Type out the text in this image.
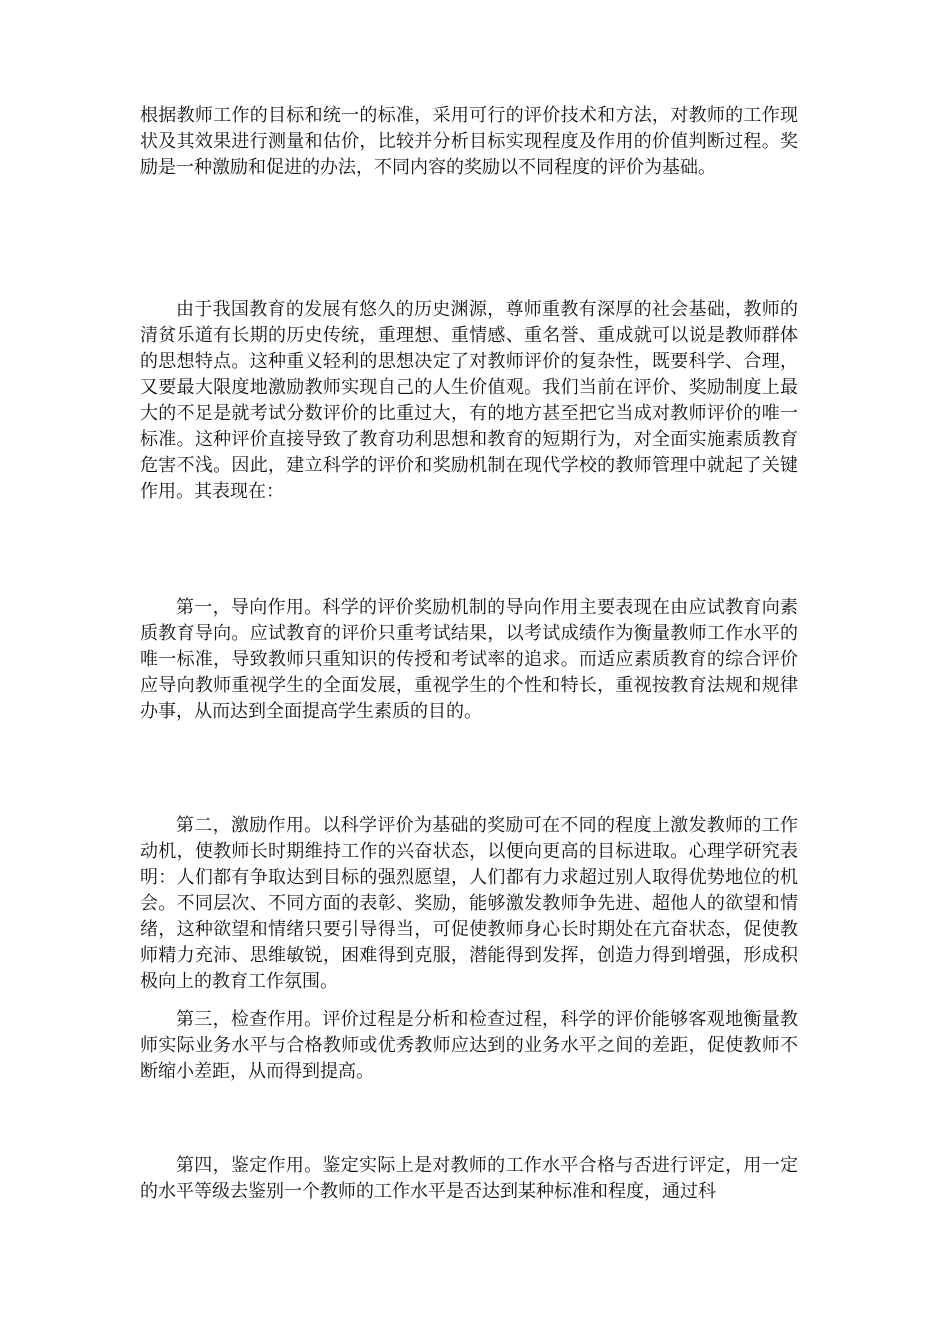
根据教师工作的目标和统一的标准，采用可行的评价技术和方法，对教师的工作现状及其效果进行测量和估价，比较并分析目标实现程度及作用的价值判断过程。奖励是一种激励和促进的办法，不同内容的奖励以不同程度的评价为基础。

由于我国教育的发展有悠久的历史渊源，尊师重教有深厚的社会基础，教师的清贫乐道有长期的历史传统，重理想、重情感、重名誉、重成就可以说是教师群体的思想特点。这种重义轻利的思想决定了对教师评价的复杂性，既要科学、合理，又要最大限度地激励教师实现自己的人生价值观。我们当前在评价、奖励制度上最大的不足是就考试分数评价的比重过大，有的地方甚至把它当成对教师评价的唯一标准。这种评价直接导致了教育功利思想和教育的短期行为，对全面实施素质教育危害不浅。因此，建立科学的评价和奖励机制在现代学校的教师管理中就起了关键作用。其表现在：

第一，导向作用。科学的评价奖励机制的导向作用主要表现在由应试教育向素质教育导向。应试教育的评价只重考试结果，以考试成绩作为衡量教师工作水平的唯一标准，导致教师只重知识的传授和考试率的追求。而适应素质教育的综合评价应导向教师重视学生的全面发展，重视学生的个性和特长，重视按教育法规和规律办事，从而达到全面提高学生素质的目的。

第二，激励作用。以科学评价为基础的奖励可在不同的程度上激发教师的工作动机，使教师长时期维持工作的兴奋状态，以便向更高的目标进取。心理学研究表明：人们都有争取达到目标的强烈愿望，人们都有力求超过别人取得优势地位的机会。不同层次、不同方面的表彰、奖励，能够激发教师争先进、超他人的欲望和情绪，这种欲望和情绪只要引导得当，可促使教师身心长时期处在亢奋状态，促使教师精力充沛、思维敏锐，困难得到克服，潜能得到发挥，创造力得到增强，形成积极向上的教育工作氛围。

第三，检查作用。评价过程是分析和检查过程，科学的评价能够客观地衡量教师实际业务水平与合格教师或优秀教师应达到的业务水平之间的差距，促使教师不断缩小差距，从而得到提高。

第四，鉴定作用。鉴定实际上是对教师的工作水平合格与否进行评定，用一定的水平等级去鉴别一个教师的工作水平是否达到某种标准和程度，通过科
